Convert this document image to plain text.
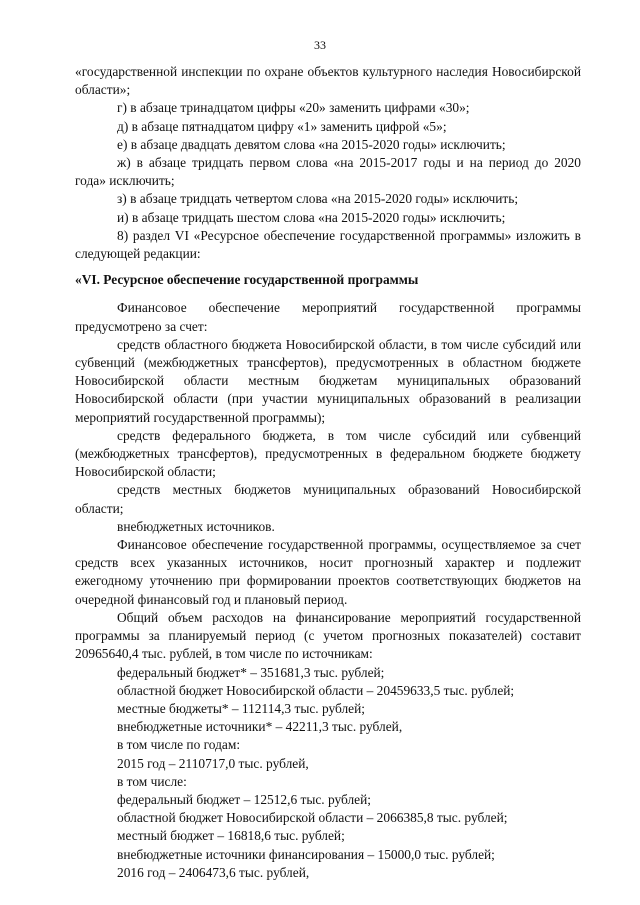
33

«государственной инспекции по охране объектов культурного наследия Новосибирской области»;

г) в абзаце тринадцатом цифры «20» заменить цифрами «30»;

д) в абзаце пятнадцатом цифру «1» заменить цифрой «5»;

е) в абзаце двадцать девятом слова «на 2015-2020 годы» исключить;

ж) в абзаце тридцать первом слова «на 2015-2017 годы и на период до 2020 года» исключить;

з) в абзаце тридцать четвертом слова «на 2015-2020 годы» исключить;

и) в абзаце тридцать шестом слова «на 2015-2020 годы» исключить;

8) раздел VI «Ресурсное обеспечение государственной программы» изложить в следующей редакции:

«VI. Ресурсное обеспечение государственной программы

Финансовое обеспечение мероприятий государственной программы предусмотрено за счет:

средств областного бюджета Новосибирской области, в том числе субсидий или субвенций (межбюджетных трансфертов), предусмотренных в областном бюджете Новосибирской области местным бюджетам муниципальных образований Новосибирской области (при участии муниципальных образований в реализации мероприятий государственной программы);

средств федерального бюджета, в том числе субсидий или субвенций (межбюджетных трансфертов), предусмотренных в федеральном бюджете бюджету Новосибирской области;

средств местных бюджетов муниципальных образований Новосибирской области;

внебюджетных источников.

Финансовое обеспечение государственной программы, осуществляемое за счет средств всех указанных источников, носит прогнозный характер и подлежит ежегодному уточнению при формировании проектов соответствующих бюджетов на очередной финансовый год и плановый период.

Общий объем расходов на финансирование мероприятий государственной программы за планируемый период (с учетом прогнозных показателей) составит 20965640,4 тыс. рублей, в том числе по источникам:

федеральный бюджет* – 351681,3 тыс. рублей;

областной бюджет Новосибирской области – 20459633,5 тыс. рублей;

местные бюджеты* – 112114,3 тыс. рублей;

внебюджетные источники* – 42211,3 тыс. рублей,

в том числе по годам:

2015 год – 2110717,0 тыс. рублей,

в том числе:

федеральный бюджет – 12512,6 тыс. рублей;

областной бюджет Новосибирской области – 2066385,8 тыс. рублей;

местный бюджет – 16818,6 тыс. рублей;

внебюджетные источники финансирования – 15000,0 тыс. рублей;

2016 год – 2406473,6 тыс. рублей,
